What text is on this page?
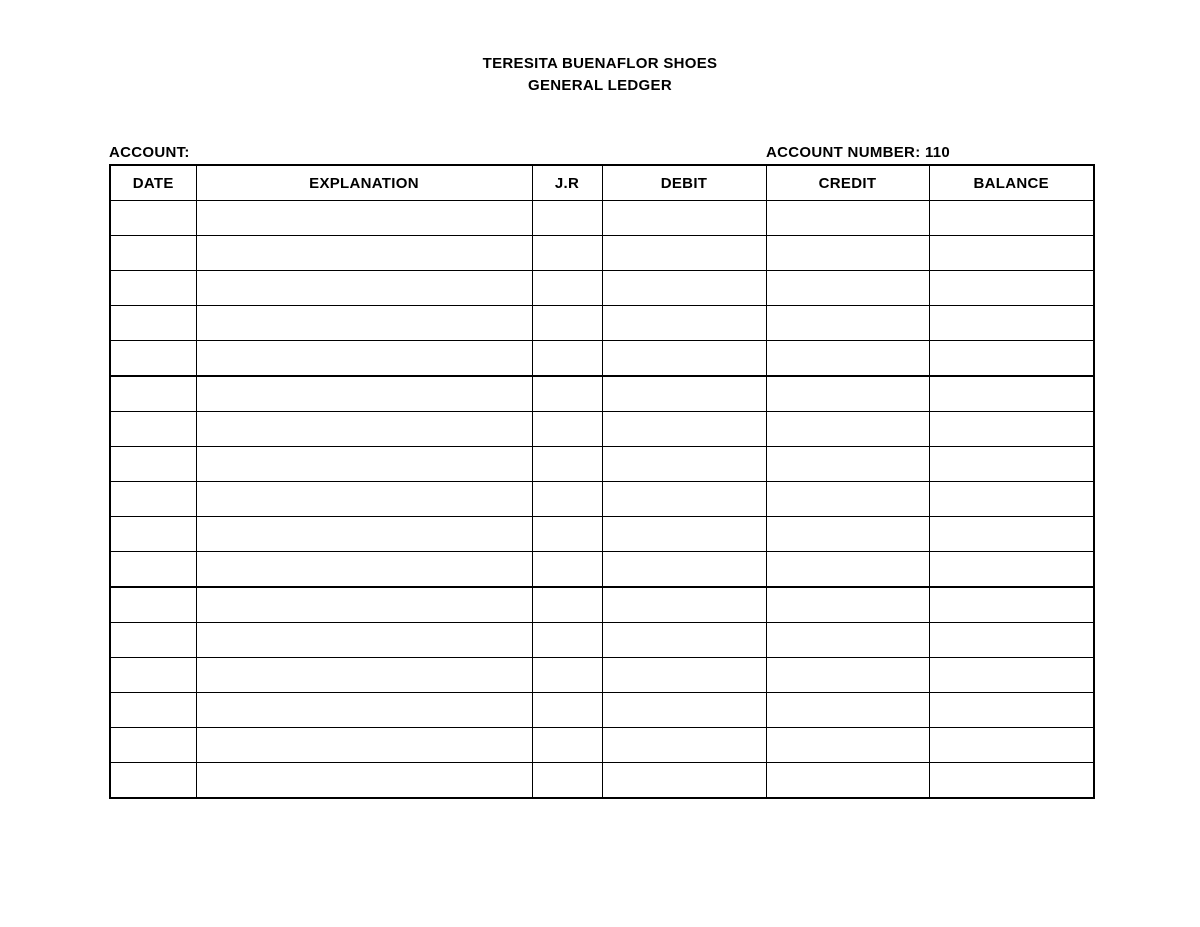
TERESITA BUENAFLOR SHOES
GENERAL LEDGER
ACCOUNT:	ACCOUNT NUMBER: 110
DATE	EXPLANATION	J.R	DEBIT	CREDIT	BALANCE
